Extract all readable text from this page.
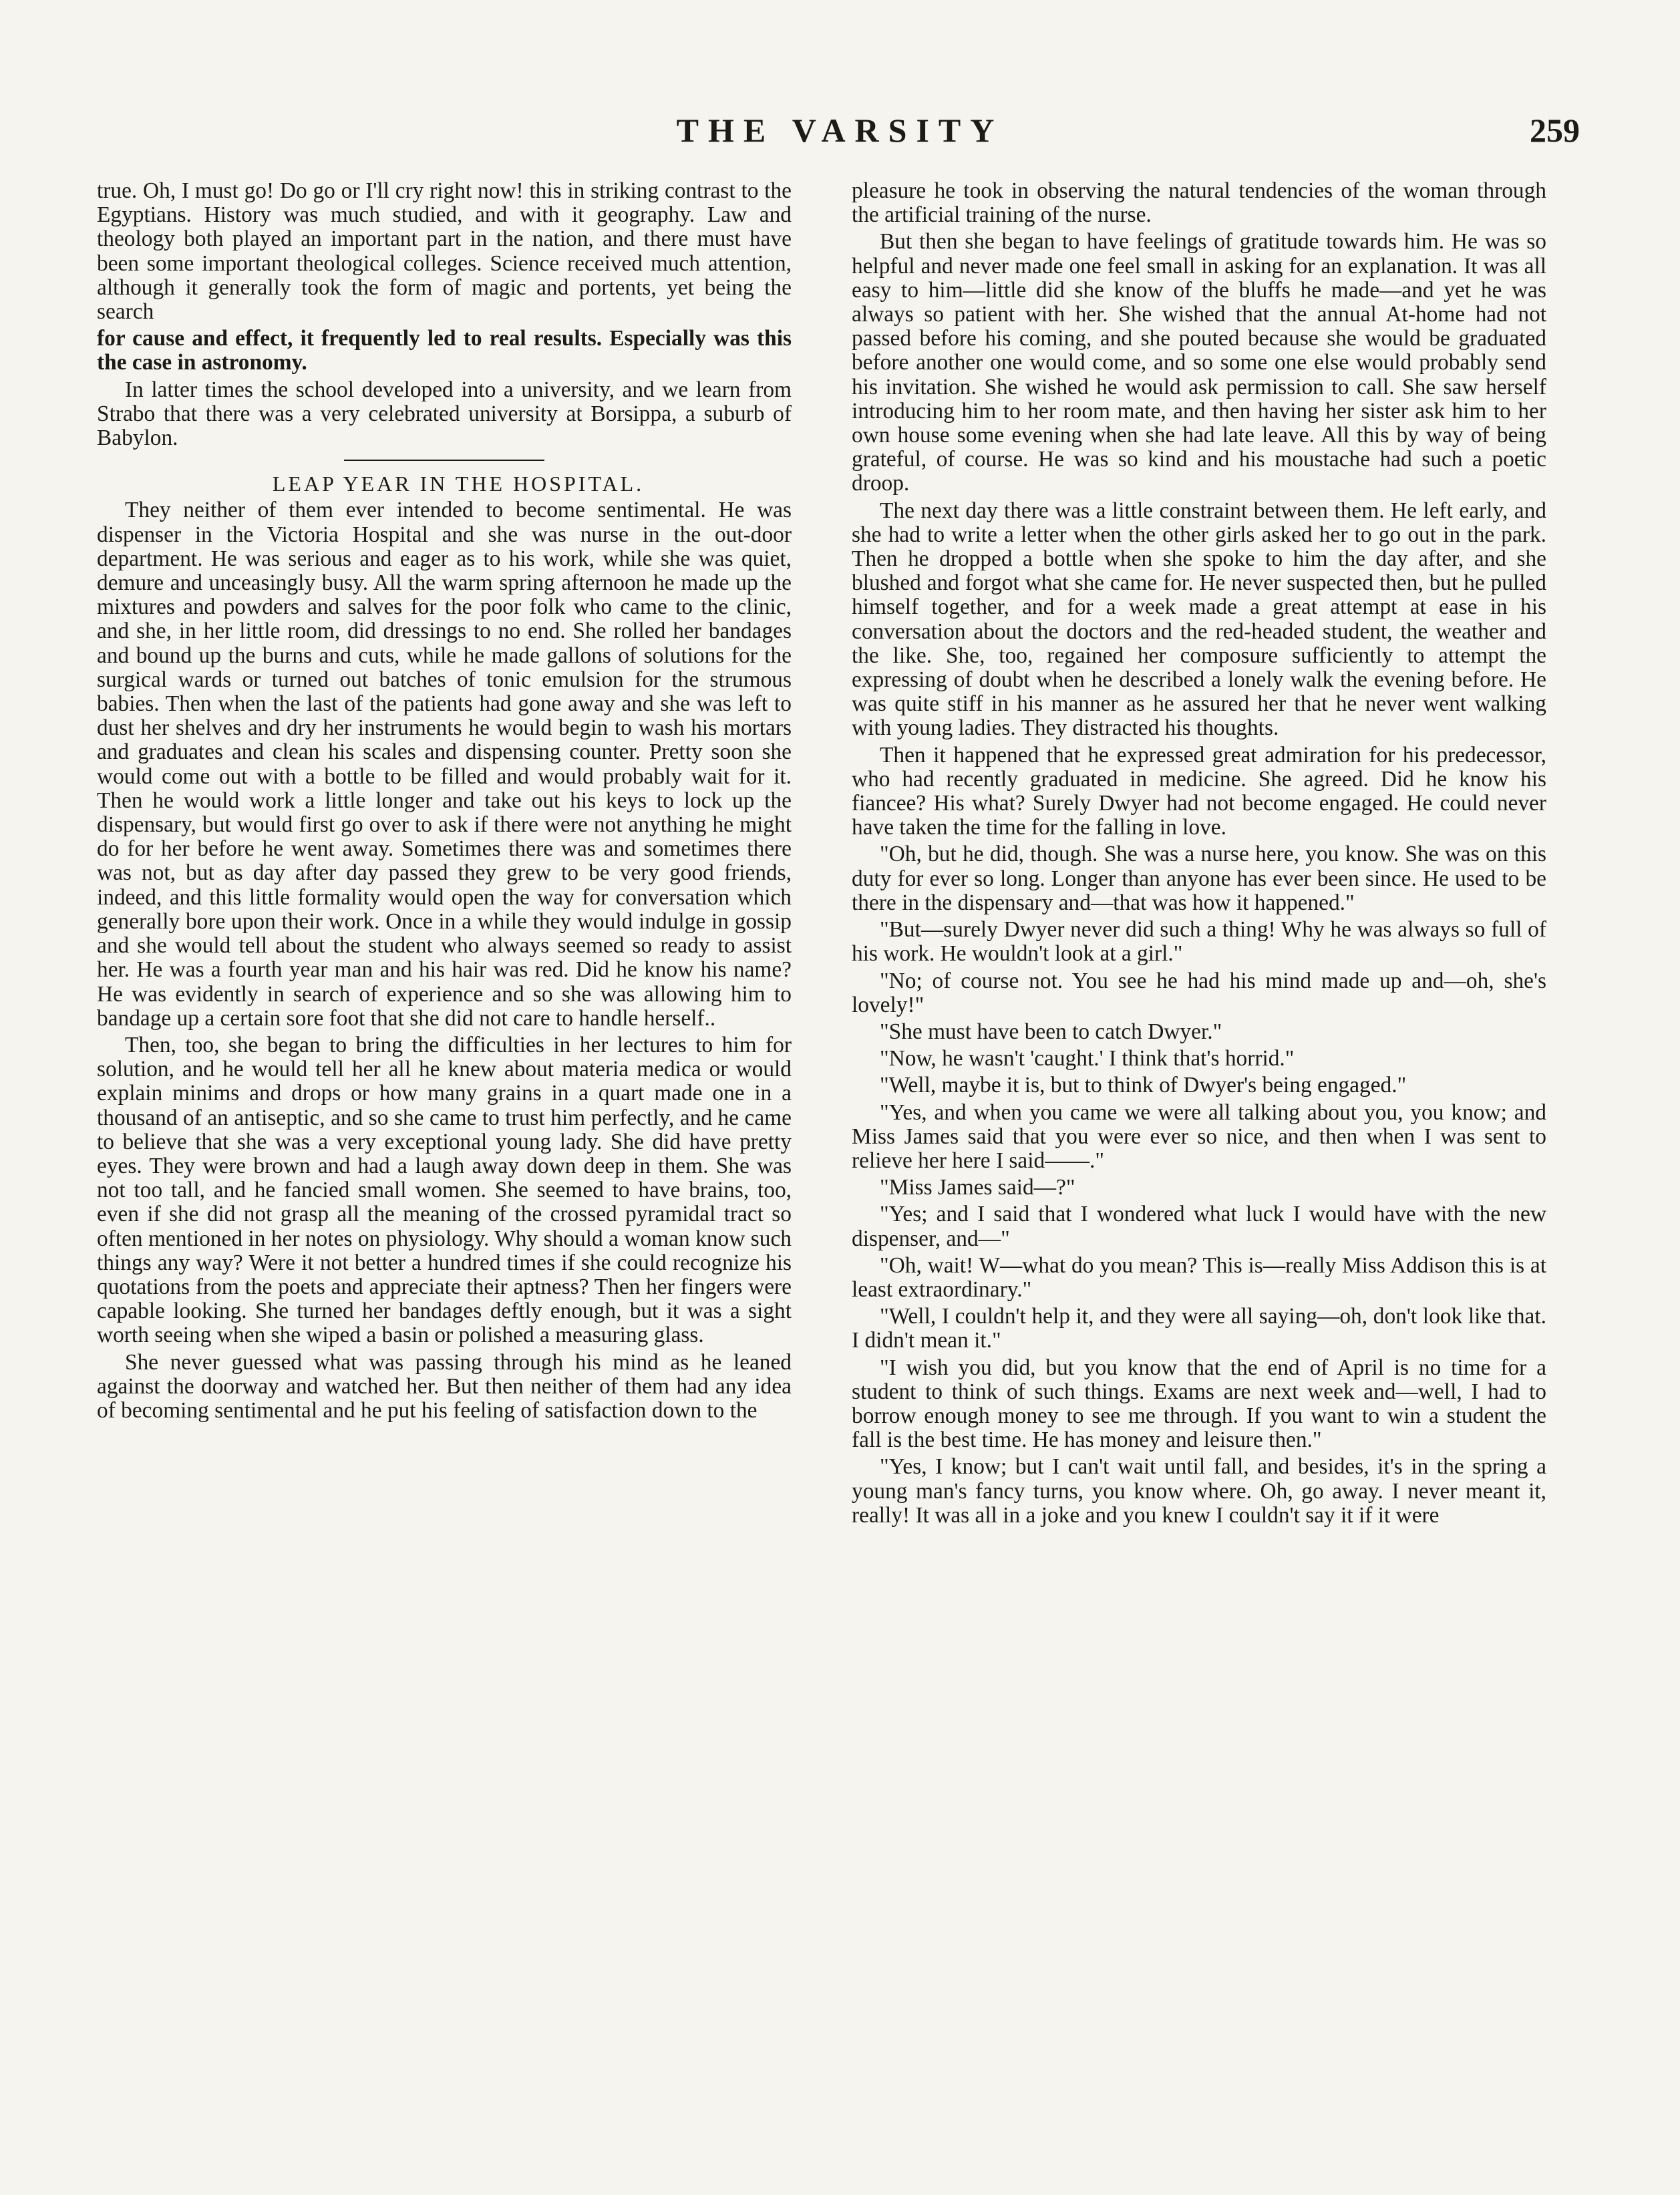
THE VARSITY	259

true. Oh, I must go! Do go or I'll cry right now! this in striking contrast to the Egyptians. History was much studied, and with it geography. Law and theology both played an important part in the nation, and there must have been some important theological colleges. Science received much attention, although it generally took the form of magic and portents, yet being the search

for cause and effect, it frequently led to real results. Especially was this the case in astronomy.

In latter times the school developed into a university, and we learn from Strabo that there was a very celebrated university at Borsippa, a suburb of Babylon.

LEAP YEAR IN THE HOSPITAL.

They neither of them ever intended to become sentimental. He was dispenser in the Victoria Hospital and she was nurse in the out-door department. He was serious and eager as to his work, while she was quiet, demure and unceasingly busy. All the warm spring afternoon he made up the mixtures and powders and salves for the poor folk who came to the clinic, and she, in her little room, did dressings to no end. She rolled her bandages and bound up the burns and cuts, while he made gallons of solutions for the surgical wards or turned out batches of tonic emulsion for the strumous babies. Then when the last of the patients had gone away and she was left to dust her shelves and dry her instruments he would begin to wash his mortars and graduates and clean his scales and dispensing counter. Pretty soon she would come out with a bottle to be filled and would probably wait for it. Then he would work a little longer and take out his keys to lock up the dispensary, but would first go over to ask if there were not anything he might do for her before he went away. Sometimes there was and sometimes there was not, but as day after day passed they grew to be very good friends, indeed, and this little formality would open the way for conversation which generally bore upon their work. Once in a while they would indulge in gossip and she would tell about the student who always seemed so ready to assist her. He was a fourth year man and his hair was red. Did he know his name? He was evidently in search of experience and so she was allowing him to bandage up a certain sore foot that she did not care to handle herself..

Then, too, she began to bring the difficulties in her lectures to him for solution, and he would tell her all he knew about materia medica or would explain minims and drops or how many grains in a quart made one in a thousand of an antiseptic, and so she came to trust him perfectly, and he came to believe that she was a very exceptional young lady. She did have pretty eyes. They were brown and had a laugh away down deep in them. She was not too tall, and he fancied small women. She seemed to have brains, too, even if she did not grasp all the meaning of the crossed pyramidal tract so often mentioned in her notes on physiology. Why should a woman know such things any way? Were it not better a hundred times if she could recognize his quotations from the poets and appreciate their aptness? Then her fingers were capable looking. She turned her bandages deftly enough, but it was a sight worth seeing when she wiped a basin or polished a measuring glass.

She never guessed what was passing through his mind as he leaned against the doorway and watched her. But then neither of them had any idea of becoming sentimental and he put his feeling of satisfaction down to the

pleasure he took in observing the natural tendencies of the woman through the artificial training of the nurse.

But then she began to have feelings of gratitude towards him. He was so helpful and never made one feel small in asking for an explanation. It was all easy to him—little did she know of the bluffs he made—and yet he was always so patient with her. She wished that the annual At-home had not passed before his coming, and she pouted because she would be graduated before another one would come, and so some one else would probably send his invitation. She wished he would ask permission to call. She saw herself introducing him to her room mate, and then having her sister ask him to her own house some evening when she had late leave. All this by way of being grateful, of course. He was so kind and his moustache had such a poetic droop.

The next day there was a little constraint between them. He left early, and she had to write a letter when the other girls asked her to go out in the park. Then he dropped a bottle when she spoke to him the day after, and she blushed and forgot what she came for. He never suspected then, but he pulled himself together, and for a week made a great attempt at ease in his conversation about the doctors and the red-headed student, the weather and the like. She, too, regained her composure sufficiently to attempt the expressing of doubt when he described a lonely walk the evening before. He was quite stiff in his manner as he assured her that he never went walking with young ladies. They distracted his thoughts.

Then it happened that he expressed great admiration for his predecessor, who had recently graduated in medicine. She agreed. Did he know his fiancee? His what? Surely Dwyer had not become engaged. He could never have taken the time for the falling in love.

"Oh, but he did, though. She was a nurse here, you know. She was on this duty for ever so long. Longer than anyone has ever been since. He used to be there in the dispensary and—that was how it happened."

"But—surely Dwyer never did such a thing! Why he was always so full of his work. He wouldn't look at a girl."

"No; of course not. You see he had his mind made up and—oh, she's lovely!"

"She must have been to catch Dwyer."

"Now, he wasn't 'caught.' I think that's horrid."

"Well, maybe it is, but to think of Dwyer's being engaged."

"Yes, and when you came we were all talking about you, you know; and Miss James said that you were ever so nice, and then when I was sent to relieve her here I said——."

"Miss James said—?"

"Yes; and I said that I wondered what luck I would have with the new dispenser, and—"

"Oh, wait! W—what do you mean? This is—really Miss Addison this is at least extraordinary."

"Well, I couldn't help it, and they were all saying—oh, don't look like that. I didn't mean it."

"I wish you did, but you know that the end of April is no time for a student to think of such things. Exams are next week and—well, I had to borrow enough money to see me through. If you want to win a student the fall is the best time. He has money and leisure then."

"Yes, I know; but I can't wait until fall, and besides, it's in the spring a young man's fancy turns, you know where. Oh, go away. I never meant it, really! It was all in a joke and you knew I couldn't say it if it were
